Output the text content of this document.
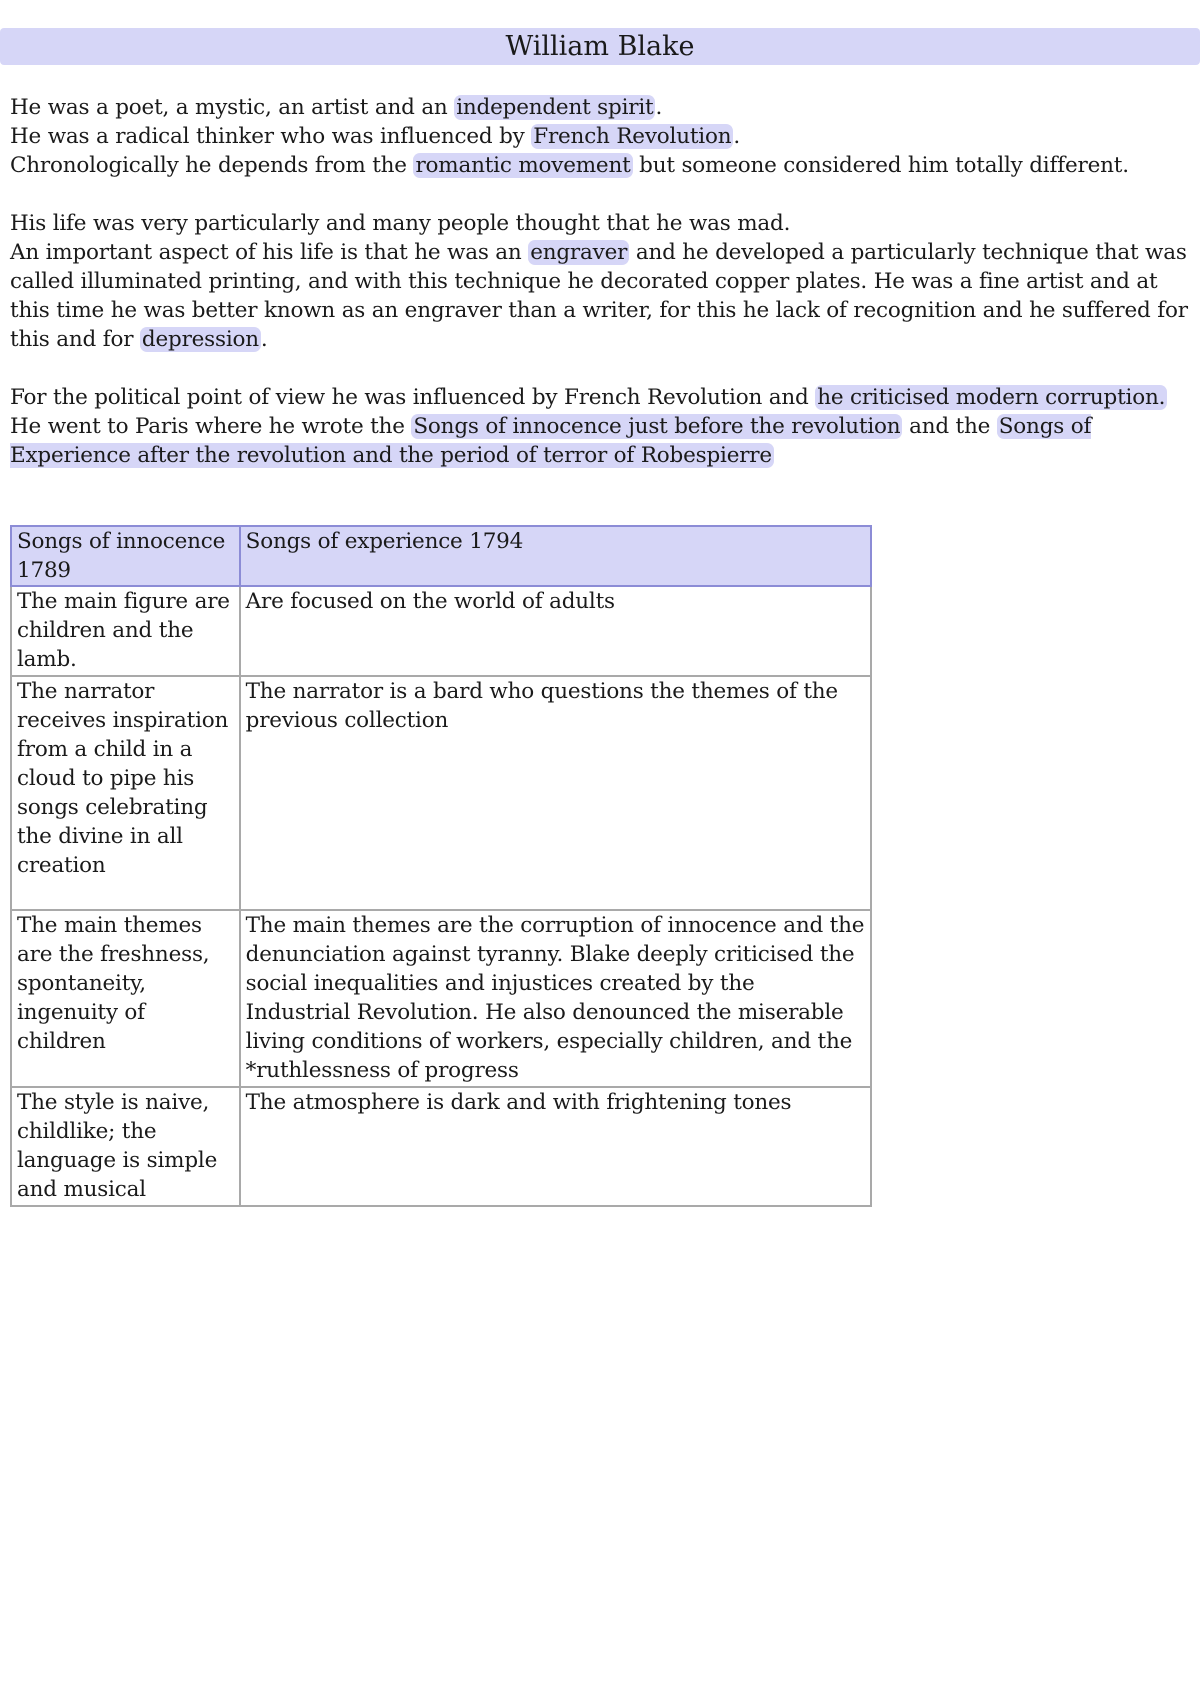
William Blake

He was a poet, a mystic, an artist and an independent spirit.

He was a radical thinker who was influenced by French Revolution.

Chronologically he depends from the romantic movement but someone considered him totally different.

His life was very particularly and many people thought that he was mad.

An important aspect of his life is that he was an engraver and he developed a particularly technique that was called illuminated printing, and with this technique he decorated copper plates. He was a fine artist and at this time he was better known as an engraver than a writer, for this he lack of recognition and he suffered for this and for depression.

For the political point of view he was influenced by French Revolution and he criticised modern corruption.

He went to Paris where he wrote the Songs of innocence just before the revolution and the Songs of Experience after the revolution and the period of terror of Robespierre

Songs of innocence 1789	Songs of experience 1794
The main figure are children and the lamb.	Are focused on the world of adults
The narrator receives inspiration from a child in a cloud to pipe his songs celebrating the divine in all creation	The narrator is a bard who questions the themes of the previous collection
The main themes are the freshness, spontaneity, ingenuity of children	The main themes are the corruption of innocence and the denunciation against tyranny. Blake deeply criticised the social inequalities and injustices created by the Industrial Revolution. He also denounced the miserable living conditions of workers, especially children, and the *ruthlessness of progress
The style is naive, childlike; the language is simple and musical	The atmosphere is dark and with frightening tones
